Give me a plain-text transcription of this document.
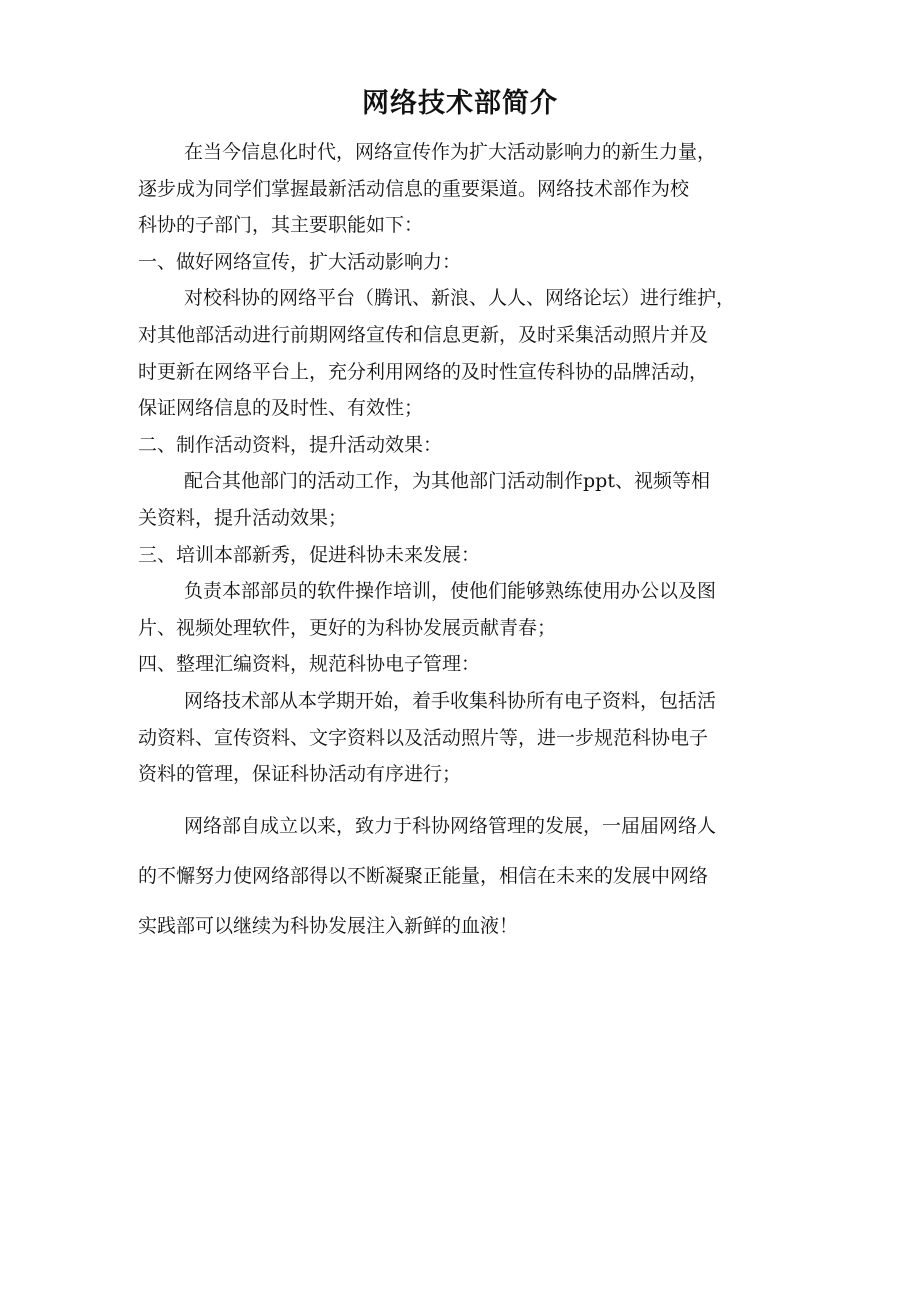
网络技术部简介
在当今信息化时代，网络宣传作为扩大活动影响力的新生力量，
逐步成为同学们掌握最新活动信息的重要渠道。网络技术部作为校
科协的子部门，其主要职能如下：
一、做好网络宣传，扩大活动影响力：
对校科协的网络平台（腾讯、新浪、人人、网络论坛）进行维护，
对其他部活动进行前期网络宣传和信息更新，及时采集活动照片并及
时更新在网络平台上，充分利用网络的及时性宣传科协的品牌活动，
保证网络信息的及时性、有效性；
二、制作活动资料，提升活动效果：
配合其他部门的活动工作，为其他部门活动制作ppt、视频等相
关资料，提升活动效果；
三、培训本部新秀，促进科协未来发展：
负责本部部员的软件操作培训，使他们能够熟练使用办公以及图
片、视频处理软件，更好的为科协发展贡献青春；
四、整理汇编资料，规范科协电子管理：
网络技术部从本学期开始，着手收集科协所有电子资料，包括活
动资料、宣传资料、文字资料以及活动照片等，进一步规范科协电子
资料的管理，保证科协活动有序进行；
网络部自成立以来，致力于科协网络管理的发展，一届届网络人
的不懈努力使网络部得以不断凝聚正能量，相信在未来的发展中网络
实践部可以继续为科协发展注入新鲜的血液！
